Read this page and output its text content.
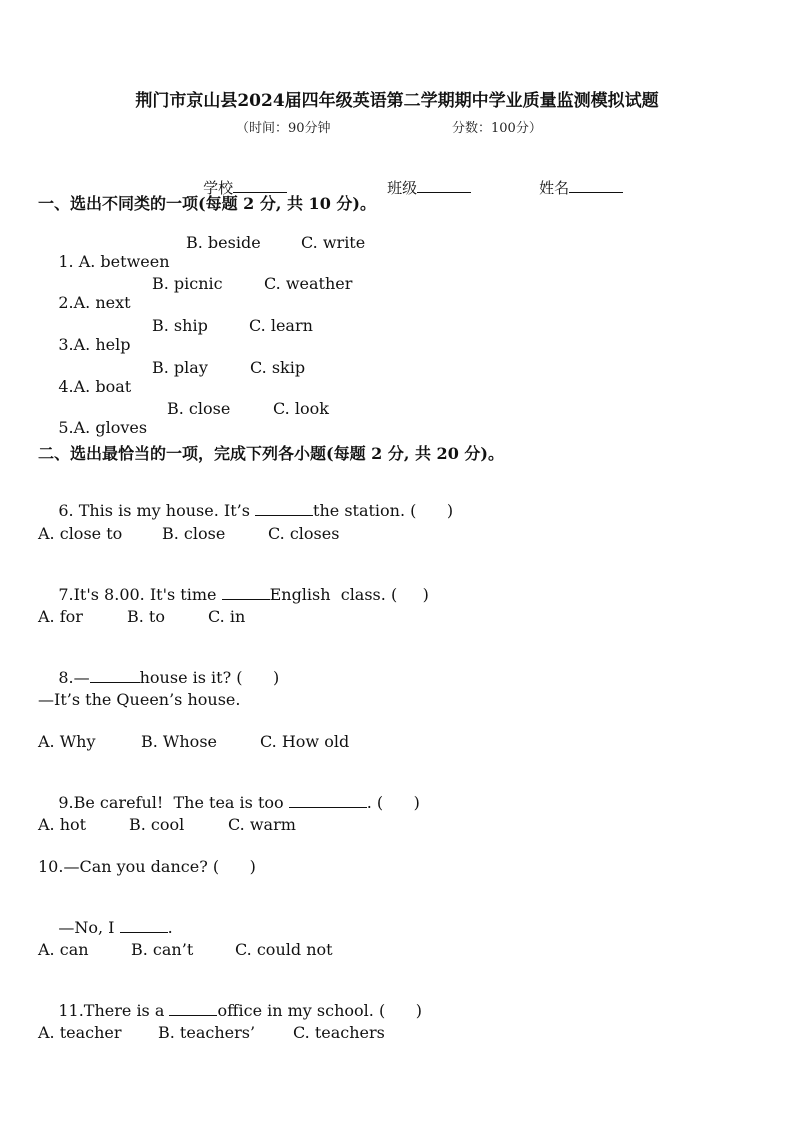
荆门市京山县2024届四年级英语第二学期期中学业质量监测模拟试题
（时间：90分钟	分数：100分）

学校
	班级
	姓名

一、选出不同类的一项(每题 2 分, 共 10 分)。

1. A. between

B. beside	C. write

2.A. next

B. picnic	C. weather

3.A. help

B. ship	C. learn

4.A. boat

B. play	C. skip

5.A. gloves

B. close	C. look
二、选出最恰当的一项，完成下列各小题(每题 2 分, 共 20 分)。

6. This is my house. It’s	the station. (      )

A. close to B. close	C. closes

7.It's 8.00. It's time	English  class. (     )

A. for	B. to	C. in

8.—	house is it? (      )

—It’s the Queen’s house.
A. Why	B. Whose	C. How old

9.Be careful!  The tea is too	. (      )

A. hot	B. cool	C. warm
10.—Can you dance? (      )

—No, I	.

A. can	B. can’t	C. could not

11.There is a	office in my school. (      )

A. teacher B. teachers’ C. teachers
